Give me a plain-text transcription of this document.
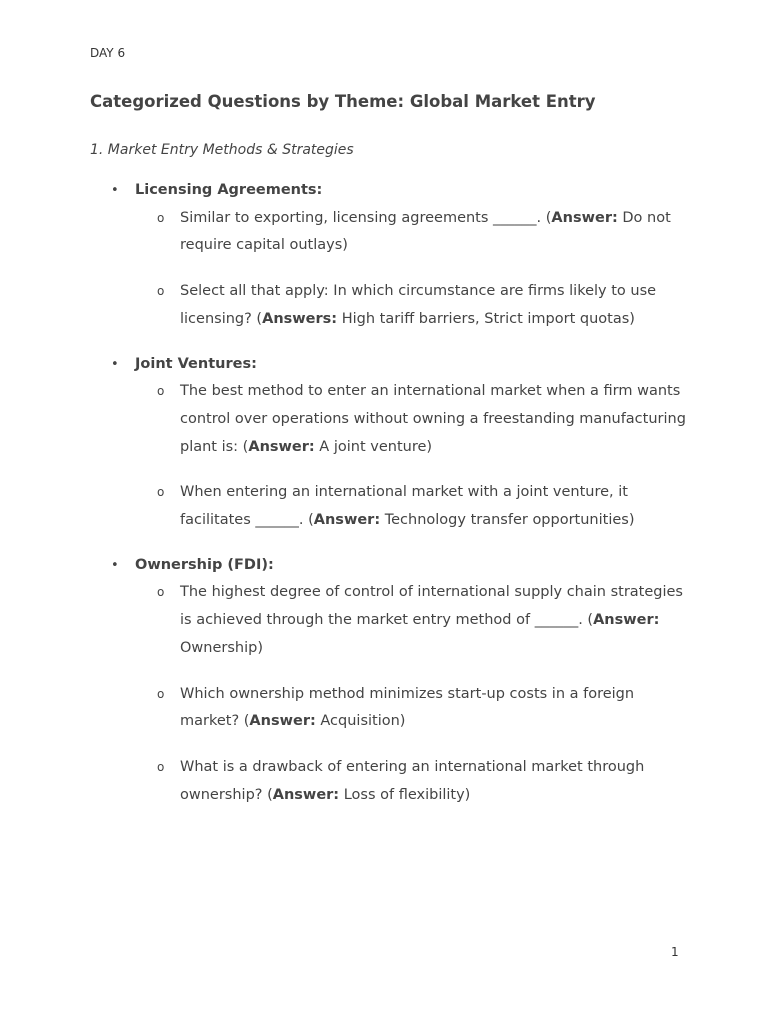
DAY 6
Categorized Questions by Theme: Global Market Entry
1. Market Entry Methods & Strategies
• Licensing Agreements:
o Similar to exporting, licensing agreements ______. (Answer: Do not require capital outlays)
o Select all that apply: In which circumstance are firms likely to use licensing? (Answers: High tariff barriers, Strict import quotas)
• Joint Ventures:
o The best method to enter an international market when a firm wants control over operations without owning a freestanding manufacturing plant is: (Answer: A joint venture)
o When entering an international market with a joint venture, it facilitates ______. (Answer: Technology transfer opportunities)
• Ownership (FDI):
o The highest degree of control of international supply chain strategies is achieved through the market entry method of ______. (Answer: Ownership)
o Which ownership method minimizes start-up costs in a foreign market? (Answer: Acquisition)
o What is a drawback of entering an international market through ownership? (Answer: Loss of flexibility)
1
